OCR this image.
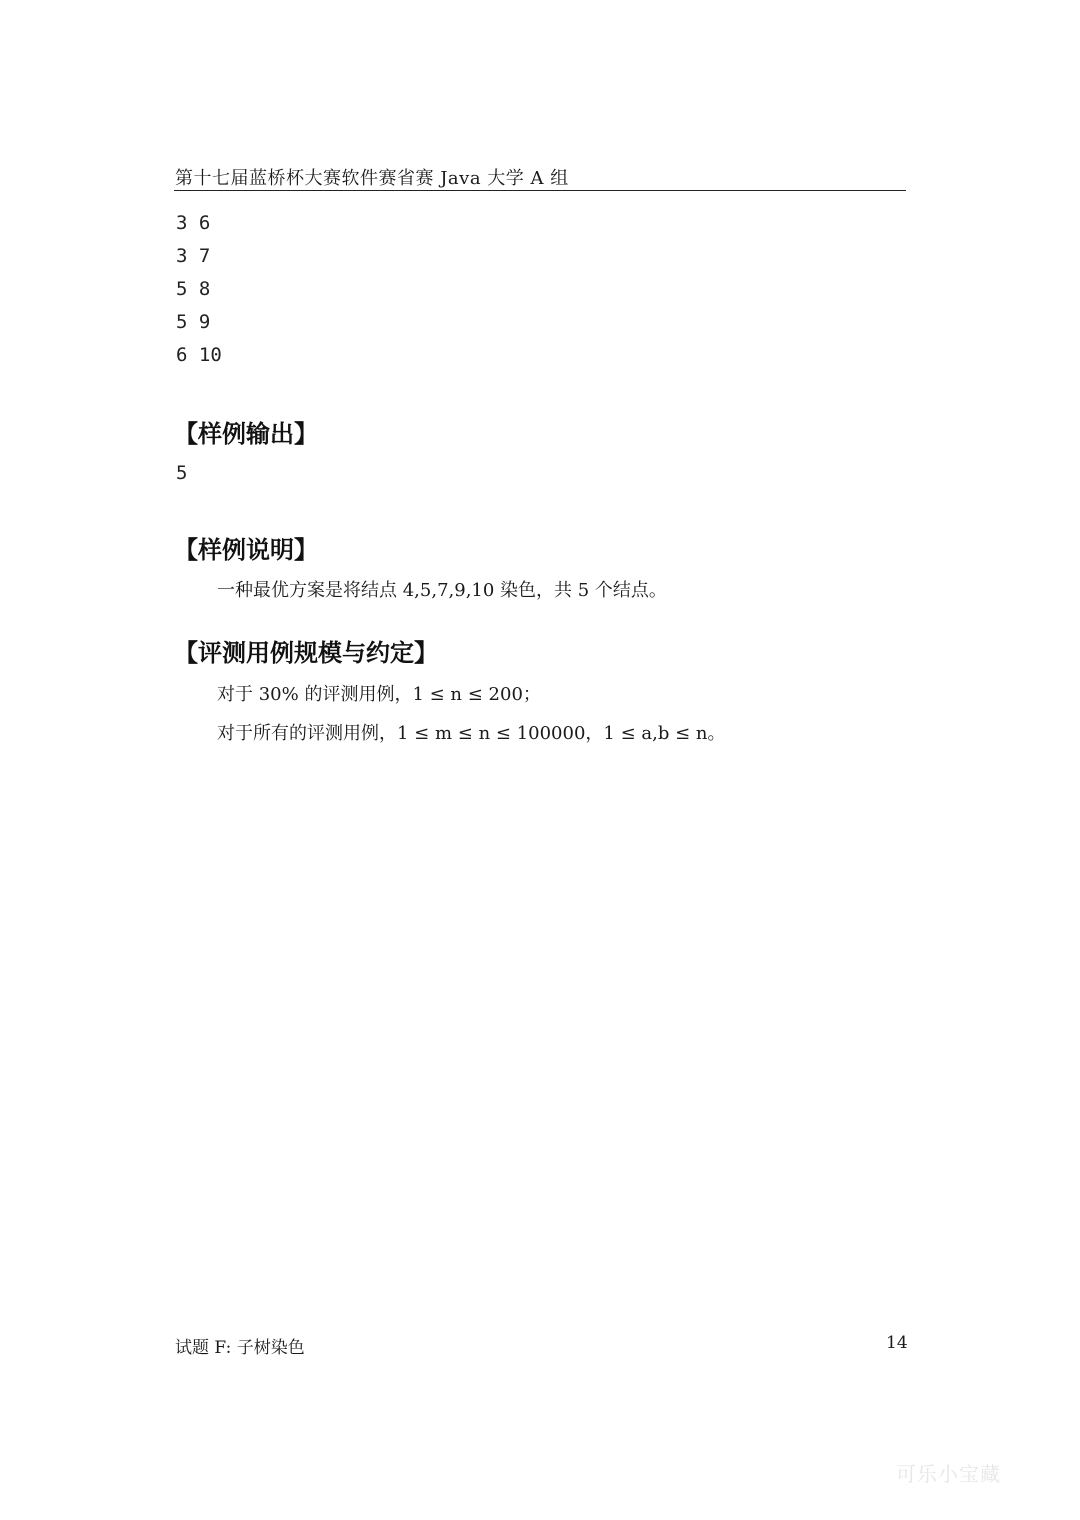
第十七届蓝桥杯大赛软件赛省赛 Java 大学 A 组
3 6
3 7
5 8
5 9
6 10
【样例输出】
5
【样例说明】
一种最优方案是将结点 4,5,7,9,10 染色，共 5 个结点。
【评测用例规模与约定】
对于 30% 的评测用例，1 ≤ n ≤ 200；
对于所有的评测用例，1 ≤ m ≤ n ≤ 100000，1 ≤ a,b ≤ n。
试题 F: 子树染色	14
可乐小宝藏
